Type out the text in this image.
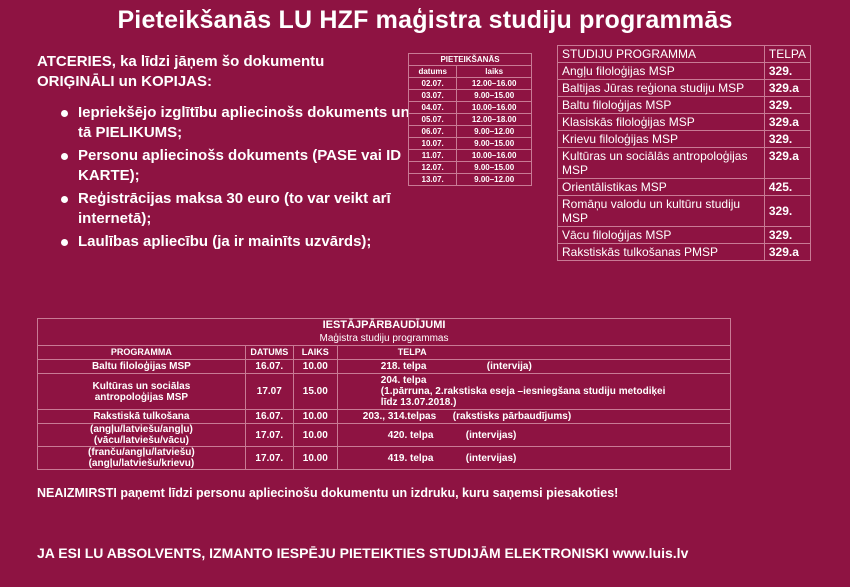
Pieteikšanās LU HZF maģistra studiju programmās
ATCERIES, ka līdzi jāņem šo dokumentu
ORIĢINĀLI un KOPIJAS:
Iepriekšējo izglītību apliecinošs dokuments un tā PIELIKUMS;
Personu apliecinošs dokuments (PASE vai ID KARTE);
Reģistrācijas maksa 30 euro (to var veikt arī internetā);
Laulības apliecību (ja ir mainīts uzvārds);
PIETEIKŠANĀS	
datums	laiks
02.07.	12.00–16.00
03.07.	9.00–15.00
04.07.	10.00–16.00
05.07.	12.00–18.00
06.07.	9.00–12.00
10.07.	9.00–15.00
11.07.	10.00–16.00
12.07.	9.00–15.00
13.07.	9.00–12.00
STUDIJU PROGRAMMA	TELPA
Angļu filoloģijas MSP	329.
Baltijas Jūras reģiona studiju MSP	329.a
Baltu filoloģijas MSP	329.
Klasiskās filoloģijas MSP	329.a
Krievu filoloģijas MSP	329.
Kultūras un sociālās antropoloģijas MSP	329.a
Orientālistikas MSP	425.
Romāņu valodu un kultūru studiju MSP	329.
Vācu filoloģijas MSP	329.
Rakstiskās tulkošanas PMSP	329.a
IESTĀJPĀRBAUDĪJUMI			
Maģistra studiju programmas			
PROGRAMMA	DATUMS	LAIKS	TELPA
Baltu filoloģijas MSP	16.07.	10.00	218. telpa (intervija)
Kultūras un sociālas antropoloģijas MSP	17.07	15.00	204. telpa(1.pārruna, 2.rakstiska eseja –iesniegšana studiju metodiķei līdz 13.07.2018.)
Rakstiskā tulkošana	16.07.	10.00	203., 314.telpas (rakstisks pārbaudījums)
(angļu/latviešu/angļu) (vācu/latviešu/vācu)	17.07.	10.00	420. telpa (intervijas)
(franču/angļu/latviešu) (angļu/latviešu/krievu)	17.07.	10.00	419. telpa (intervijas)
NEAIZMIRSTI paņemt līdzi personu apliecinošu dokumentu un izdruku, kuru saņemsi piesakoties!
JA ESI LU ABSOLVENTS, IZMANTO IESPĒJU PIETEIKTIES STUDIJĀM ELEKTRONISKI www.luis.lv
